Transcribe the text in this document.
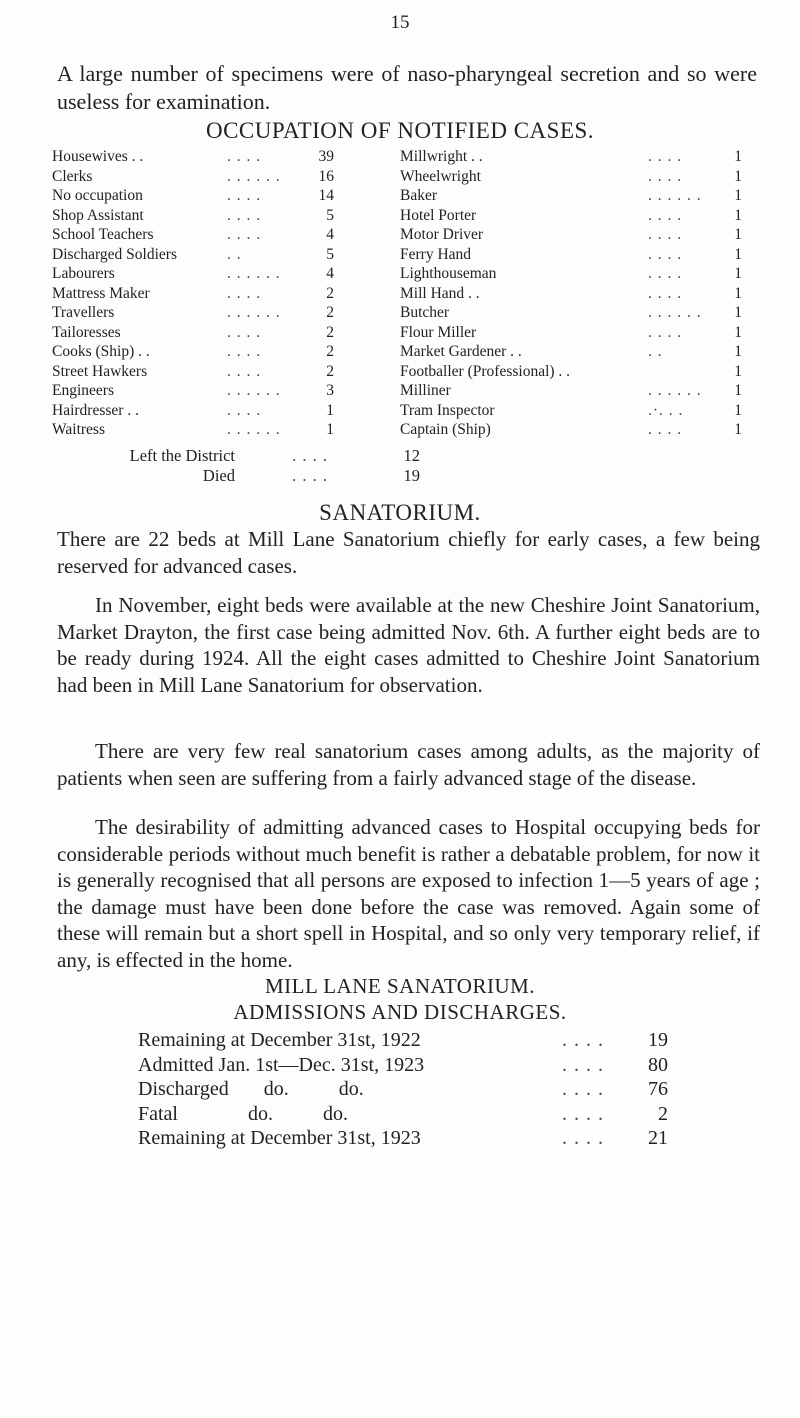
15

A large number of specimens were of naso-pharyngeal secretion and so were useless for examination.

OCCUPATION OF NOTIFIED CASES.
Housewives . .	. . . .	39
Clerks	. . . . . .	16
No occupation	. . . .	14
Shop Assistant	. . . .	5
School Teachers	. . . .	4
Discharged Soldiers	. .	5
Labourers	. . . . . .	4
Mattress Maker	. . . .	2
Travellers	. . . . . .	2
Tailoresses	. . . .	2
Cooks (Ship) . .	. . . .	2
Street Hawkers	. . . .	2
Engineers	. . . . . .	3
Hairdresser . .	. . . .	1
Waitress	. . . . . .	1
Millwright . .	. . . .	1
Wheelwright	. . . .	1
Baker	. . . . . .	1
Hotel Porter	. . . .	1
Motor Driver	. . . .	1
Ferry Hand	. . . .	1
Lighthouseman	. . . .	1
Mill Hand . .	. . . .	1
Butcher	. . . . . .	1
Flour Miller	. . . .	1
Market Gardener . .	. .	1
Footballer (Professional) . .	1
Milliner	. . . . . .	1
Tram Inspector	.·. . .	1
Captain (Ship)	. . . .	1
Left the District	. . . .	12
Died	. . . .	19
SANATORIUM.

There are 22 beds at Mill Lane Sanatorium chiefly for early cases, a few being reserved for advanced cases.

In November, eight beds were available at the new Cheshire Joint Sanatorium, Market Drayton, the first case being admitted Nov. 6th. A further eight beds are to be ready during 1924. All the eight cases admitted to Cheshire Joint Sanatorium had been in Mill Lane Sanatorium for observation.

There are very few real sanatorium cases among adults, as the majority of patients when seen are suffering from a fairly advanced stage of the disease.

The desirability of admitting advanced cases to Hospital occupying beds for considerable periods without much benefit is rather a debatable problem, for now it is generally recognised that all persons are exposed to infection 1—5 years of age ; the damage must have been done before the case was removed. Again some of these will remain but a short spell in Hospital, and so only very temporary relief, if any, is effected in the home.

MILL LANE SANATORIUM.
ADMISSIONS AND DISCHARGES.
Remaining at December 31st, 1922	. . . .	19
Admitted Jan. 1st—Dec. 31st, 1923	. . . .	80
Discharged       do.          do.	. . . .	76
Fatal              do.          do.	. . . .	2
Remaining at December 31st, 1923	. . . .	21
